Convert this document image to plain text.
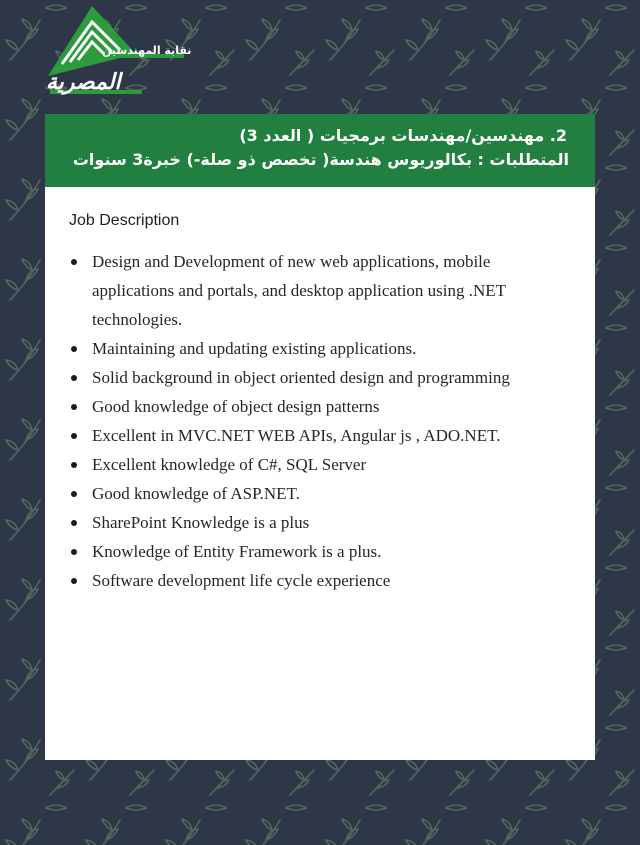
نقابة المهندسين
المصرية
2. مهندسين/مهندسات برمجيات ( العدد 3)
المتطلبات : بكالوريوس هندسة( تخصص ذو صلة-) خبرة3 سنوات
Job Description
Design and Development of new web applications, mobile applications and portals, and desktop application using .NET technologies.
Maintaining and updating existing applications.
Solid background in object oriented design and programming
Good knowledge of object design patterns
Excellent in MVC.NET WEB APIs, Angular js , ADO.NET.
Excellent knowledge of C#, SQL Server
Good knowledge of ASP.NET.
SharePoint Knowledge is a plus
Knowledge of Entity Framework is a plus.
Software development life cycle experience
